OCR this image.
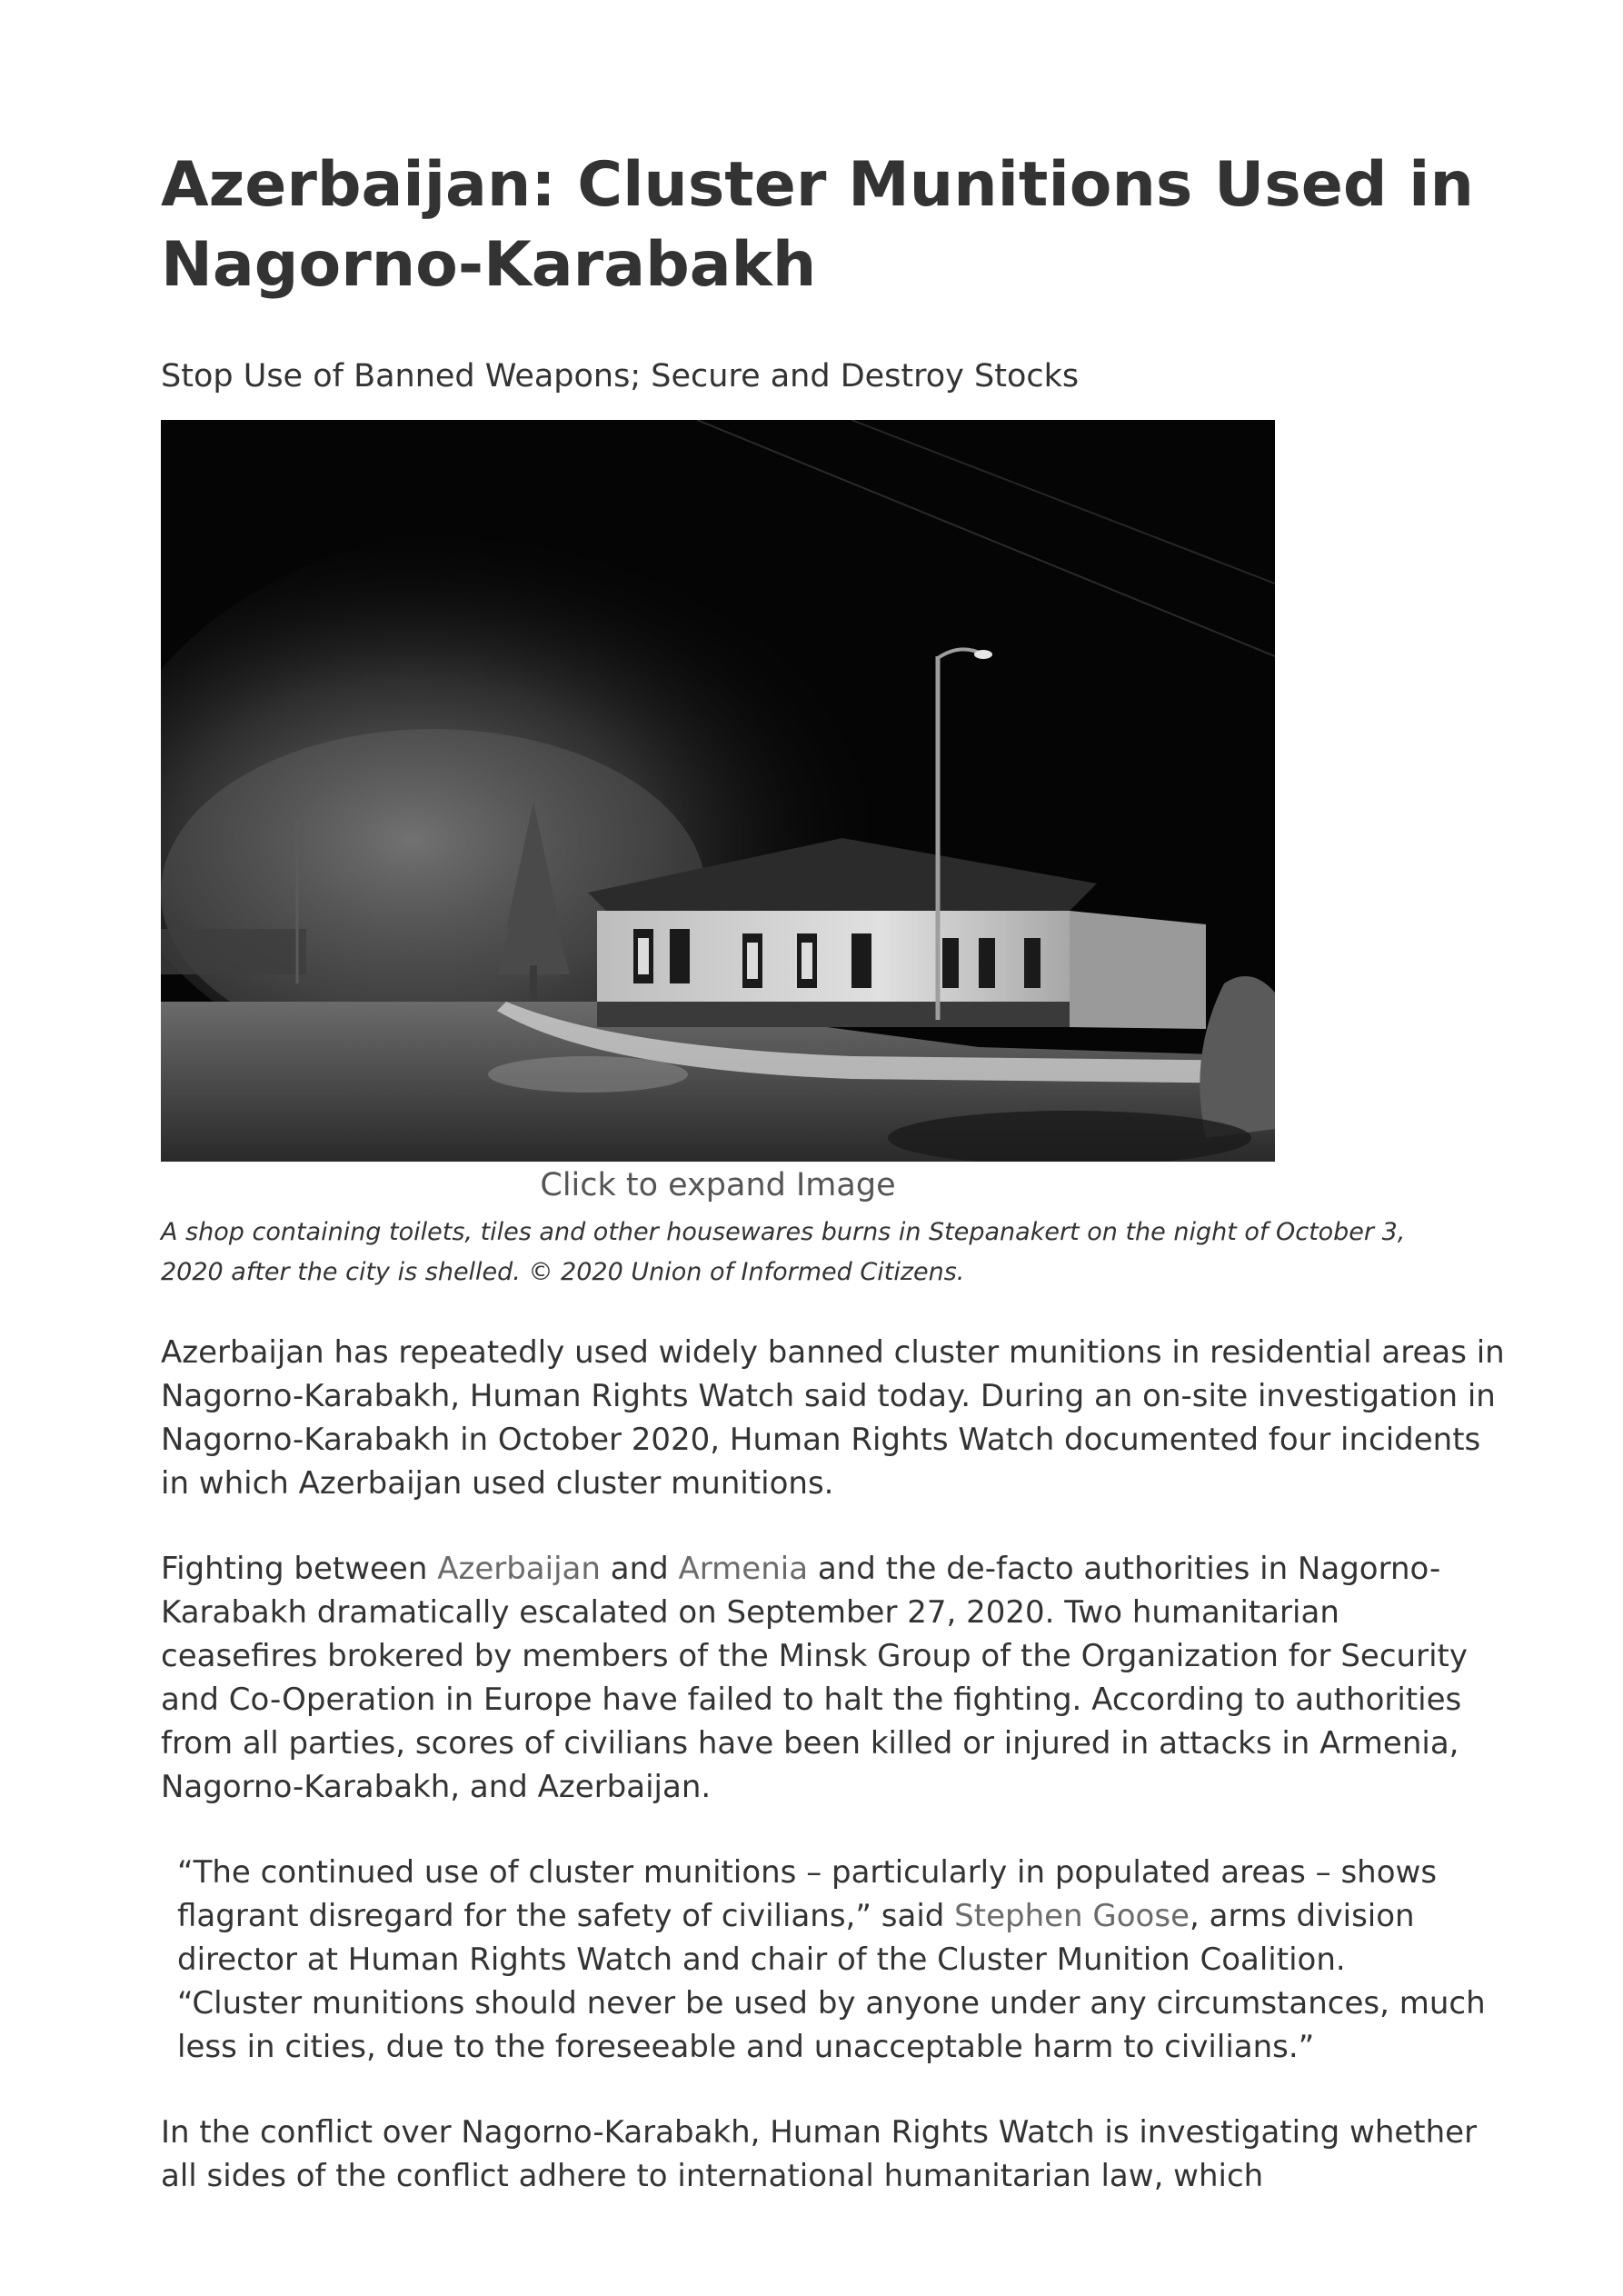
Azerbaijan: Cluster Munitions Used in Nagorno-Karabakh
Stop Use of Banned Weapons; Secure and Destroy Stocks
Click to expand Image
A shop containing toilets, tiles and other housewares burns in Stepanakert on the night of October 3, 2020 after the city is shelled. © 2020 Union of Informed Citizens.

Azerbaijan has repeatedly used widely banned cluster munitions in residential areas in Nagorno-Karabakh, Human Rights Watch said today. During an on-site investigation in Nagorno-Karabakh in October 2020, Human Rights Watch documented four incidents in which Azerbaijan used cluster munitions.

Fighting between Azerbaijan and Armenia and the de-facto authorities in Nagorno-Karabakh dramatically escalated on September 27, 2020. Two humanitarian ceasefires brokered by members of the Minsk Group of the Organization for Security and Co-Operation in Europe have failed to halt the fighting. According to authorities from all parties, scores of civilians have been killed or injured in attacks in Armenia, Nagorno-Karabakh, and Azerbaijan.

“The continued use of cluster munitions – particularly in populated areas – shows flagrant disregard for the safety of civilians,” said Stephen Goose, arms division director at Human Rights Watch and chair of the Cluster Munition Coalition.

“Cluster munitions should never be used by anyone under any circumstances, much less in cities, due to the foreseeable and unacceptable harm to civilians.”

In the conflict over Nagorno-Karabakh, Human Rights Watch is investigating whether all sides of the conflict adhere to international humanitarian law, which
